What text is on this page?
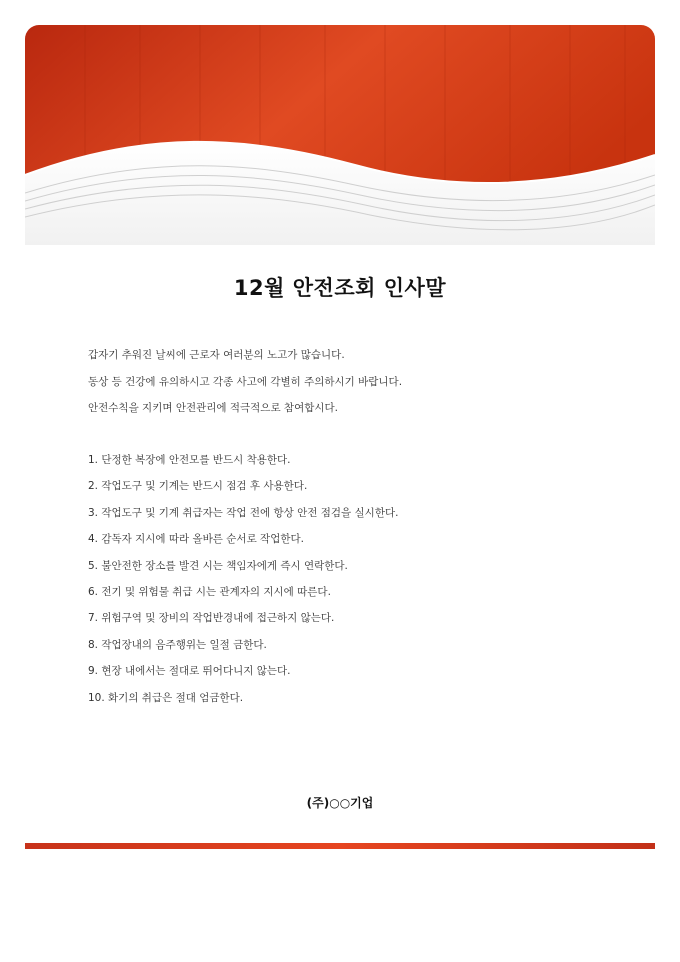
12월 안전조회 인사말

갑자기 추워진 날씨에 근로자 여러분의 노고가 많습니다.

동상 등 건강에 유의하시고 각종 사고에 각별히 주의하시기 바랍니다.

안전수칙을 지키며 안전관리에 적극적으로 참여합시다.

1. 단정한 복장에 안전모를 반드시 착용한다.
2. 작업도구 및 기계는 반드시 점검 후 사용한다.
3. 작업도구 및 기계 취급자는 작업 전에 항상 안전 점검을 실시한다.
4. 감독자 지시에 따라 올바른 순서로 작업한다.
5. 불안전한 장소를 발견 시는 책임자에게 즉시 연락한다.
6. 전기 및 위험물 취급 시는 관계자의 지시에 따른다.
7. 위험구역 및 장비의 작업반경내에 접근하지 않는다.
8. 작업장내의 음주행위는 일절 금한다.
9. 현장 내에서는 절대로 뛰어다니지 않는다.
10. 화기의 취급은 절대 엄금한다.
(주)○○기업
